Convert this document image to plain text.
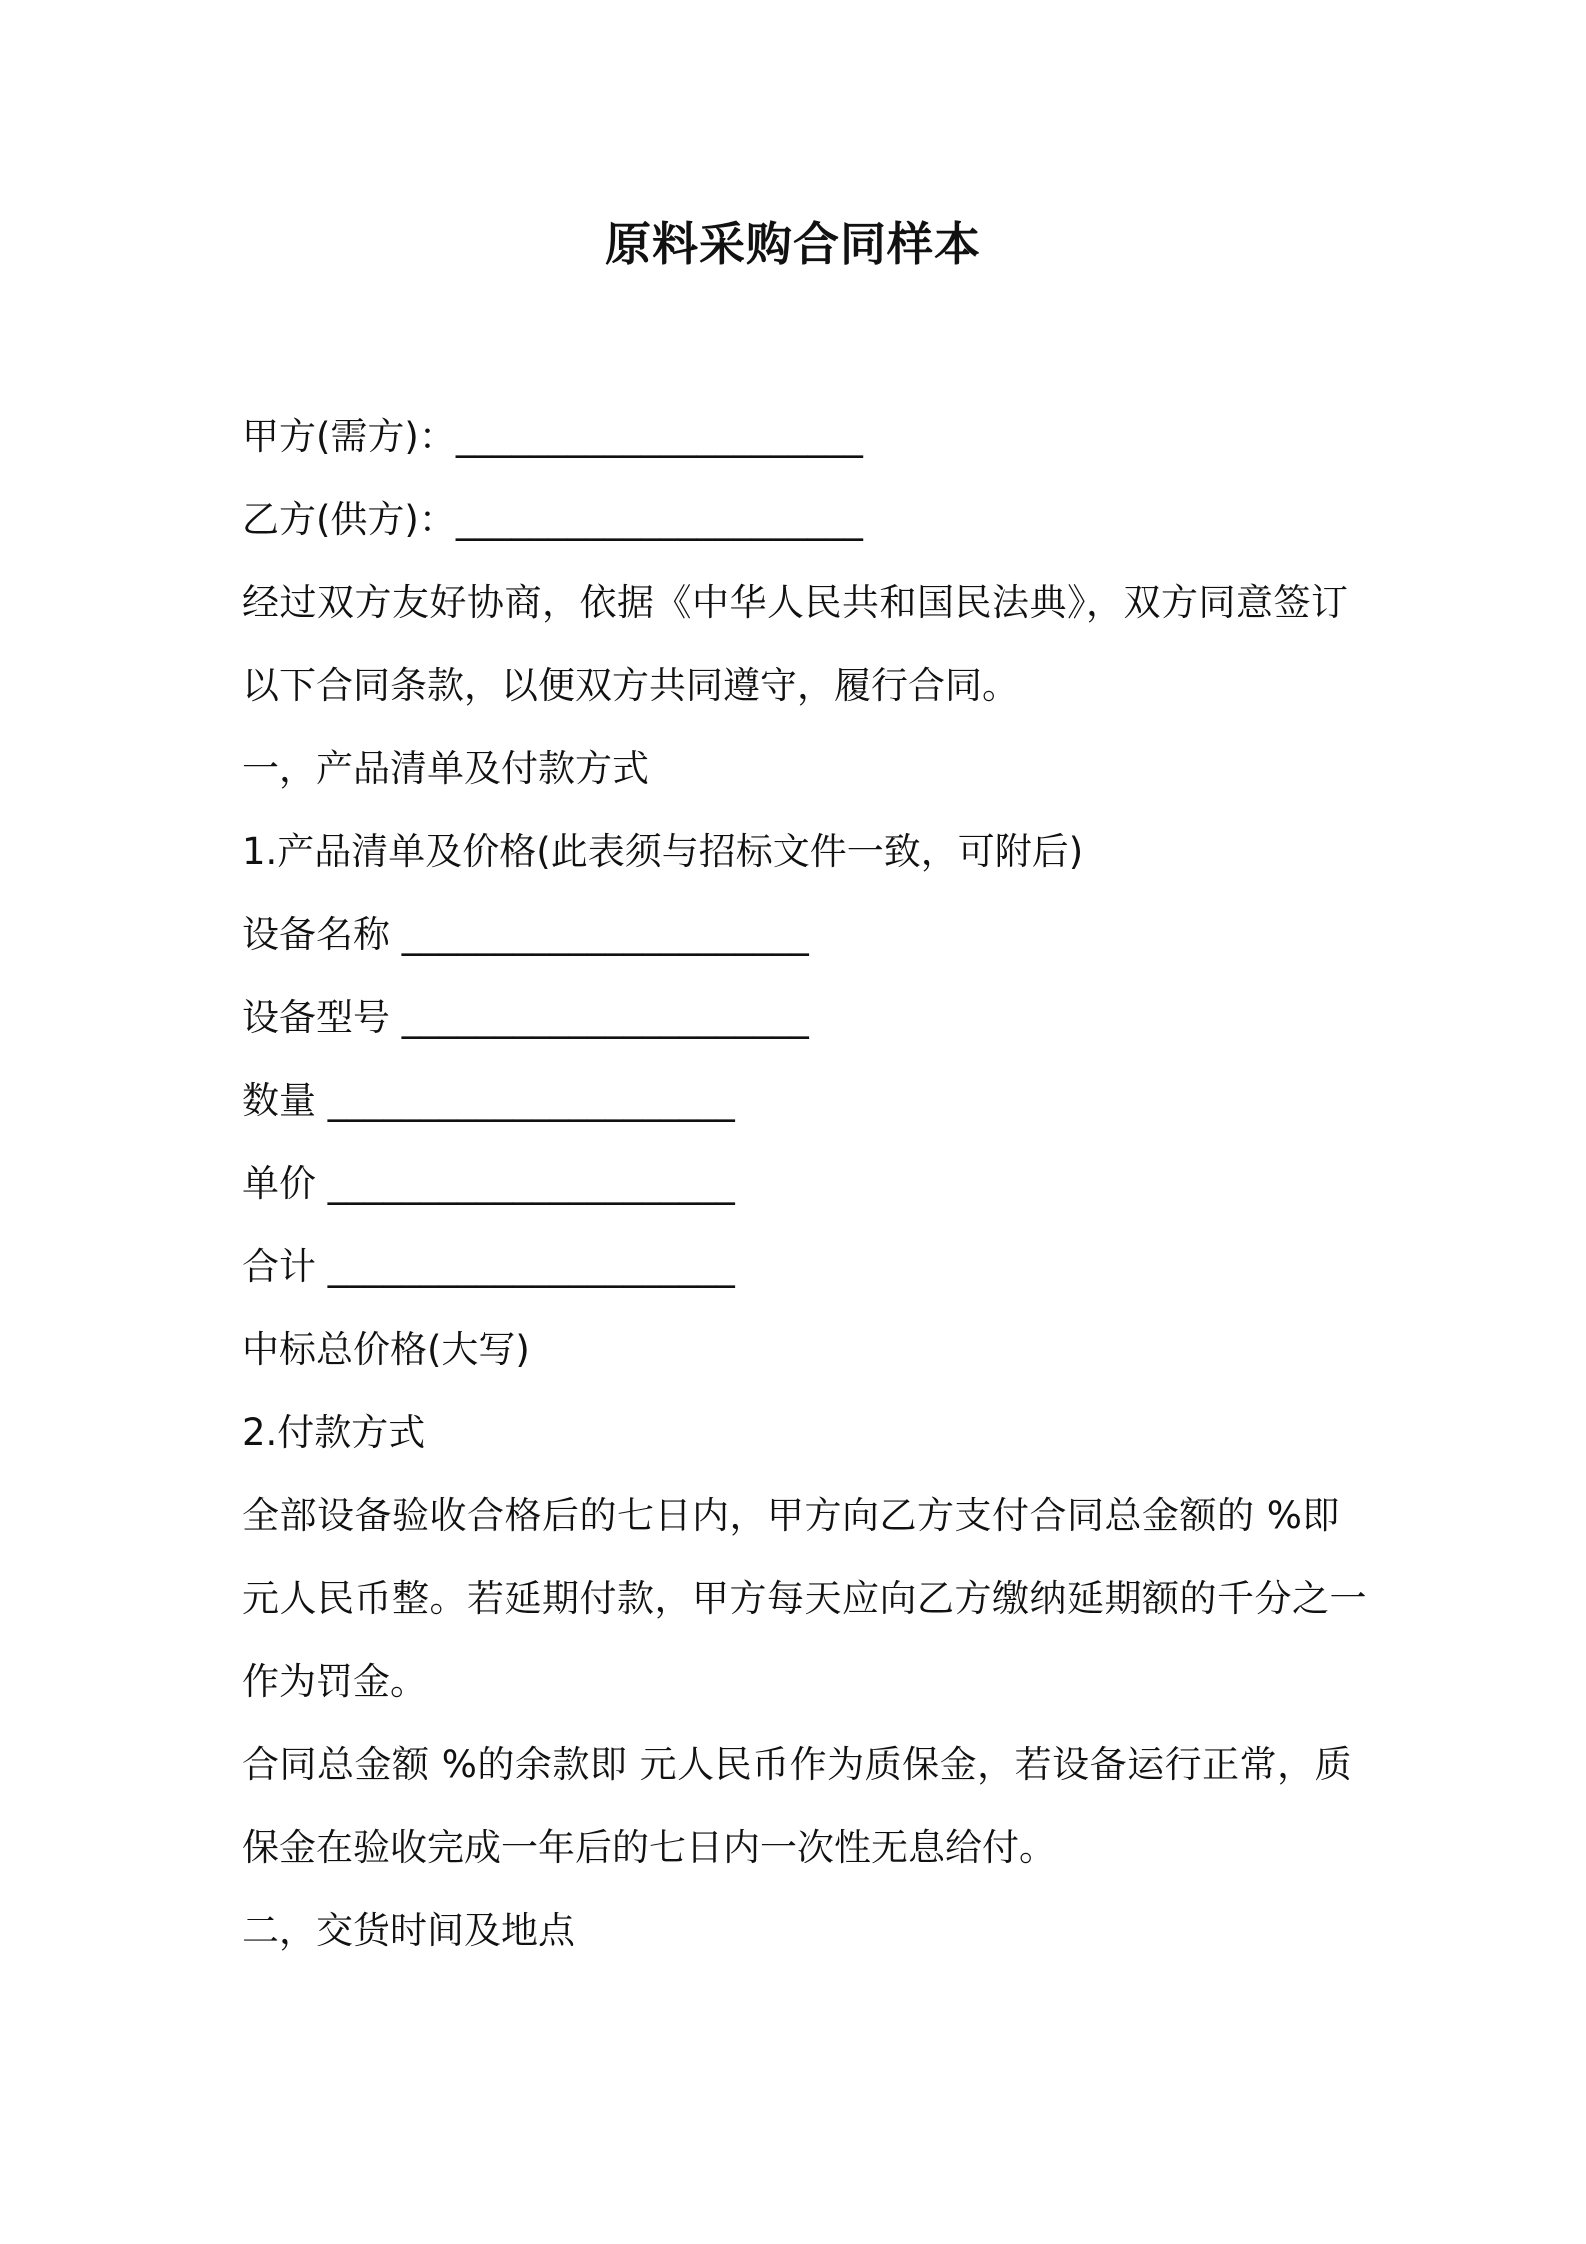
原料采购合同样本
甲方(需方)：______________________
乙方(供方)：______________________
经过双方友好协商，依据《中华人民共和国民法典》，双方同意签订
以下合同条款，以便双方共同遵守，履行合同。
一，产品清单及付款方式
1.产品清单及价格(此表须与招标文件一致，可附后)
设备名称 ______________________
设备型号 ______________________
数量 ______________________
单价 ______________________
合计 ______________________
中标总价格(大写)
2.付款方式
全部设备验收合格后的七日内，甲方向乙方支付合同总金额的 %即
元人民币整。若延期付款，甲方每天应向乙方缴纳延期额的千分之一
作为罚金。
合同总金额 %的余款即 元人民币作为质保金，若设备运行正常，质
保金在验收完成一年后的七日内一次性无息给付。
二，交货时间及地点
